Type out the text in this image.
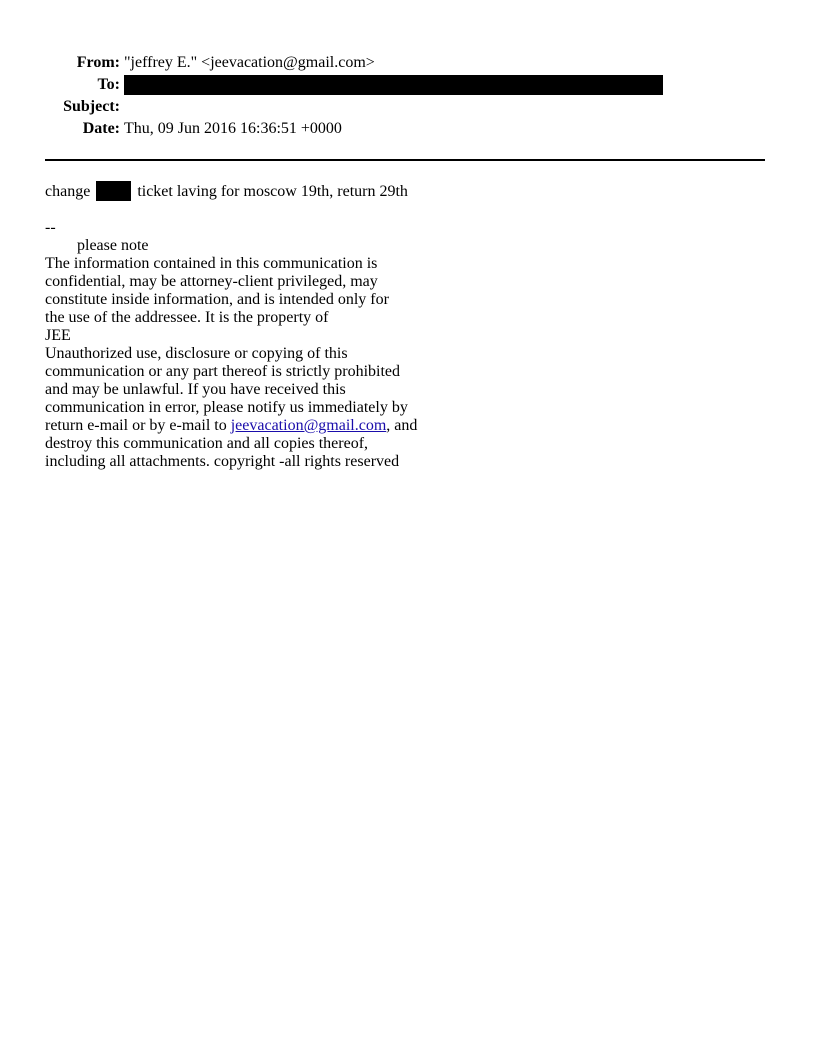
From: "jeffrey E." <jeevacation@gmail.com>
To:
Subject:
Date: Thu, 09 Jun 2016 16:36:51 +0000
change	ticket laving for moscow 19th, return 29th
--
please note
The information contained in this communication is
confidential, may be attorney-client privileged, may
constitute inside information, and is intended only for
the use of the addressee. It is the property of
JEE
Unauthorized use, disclosure or copying of this
communication or any part thereof is strictly prohibited
and may be unlawful. If you have received this
communication in error, please notify us immediately by
return e-mail or by e-mail to jeevacation@gmail.com, and
destroy this communication and all copies thereof,
including all attachments. copyright -all rights reserved
